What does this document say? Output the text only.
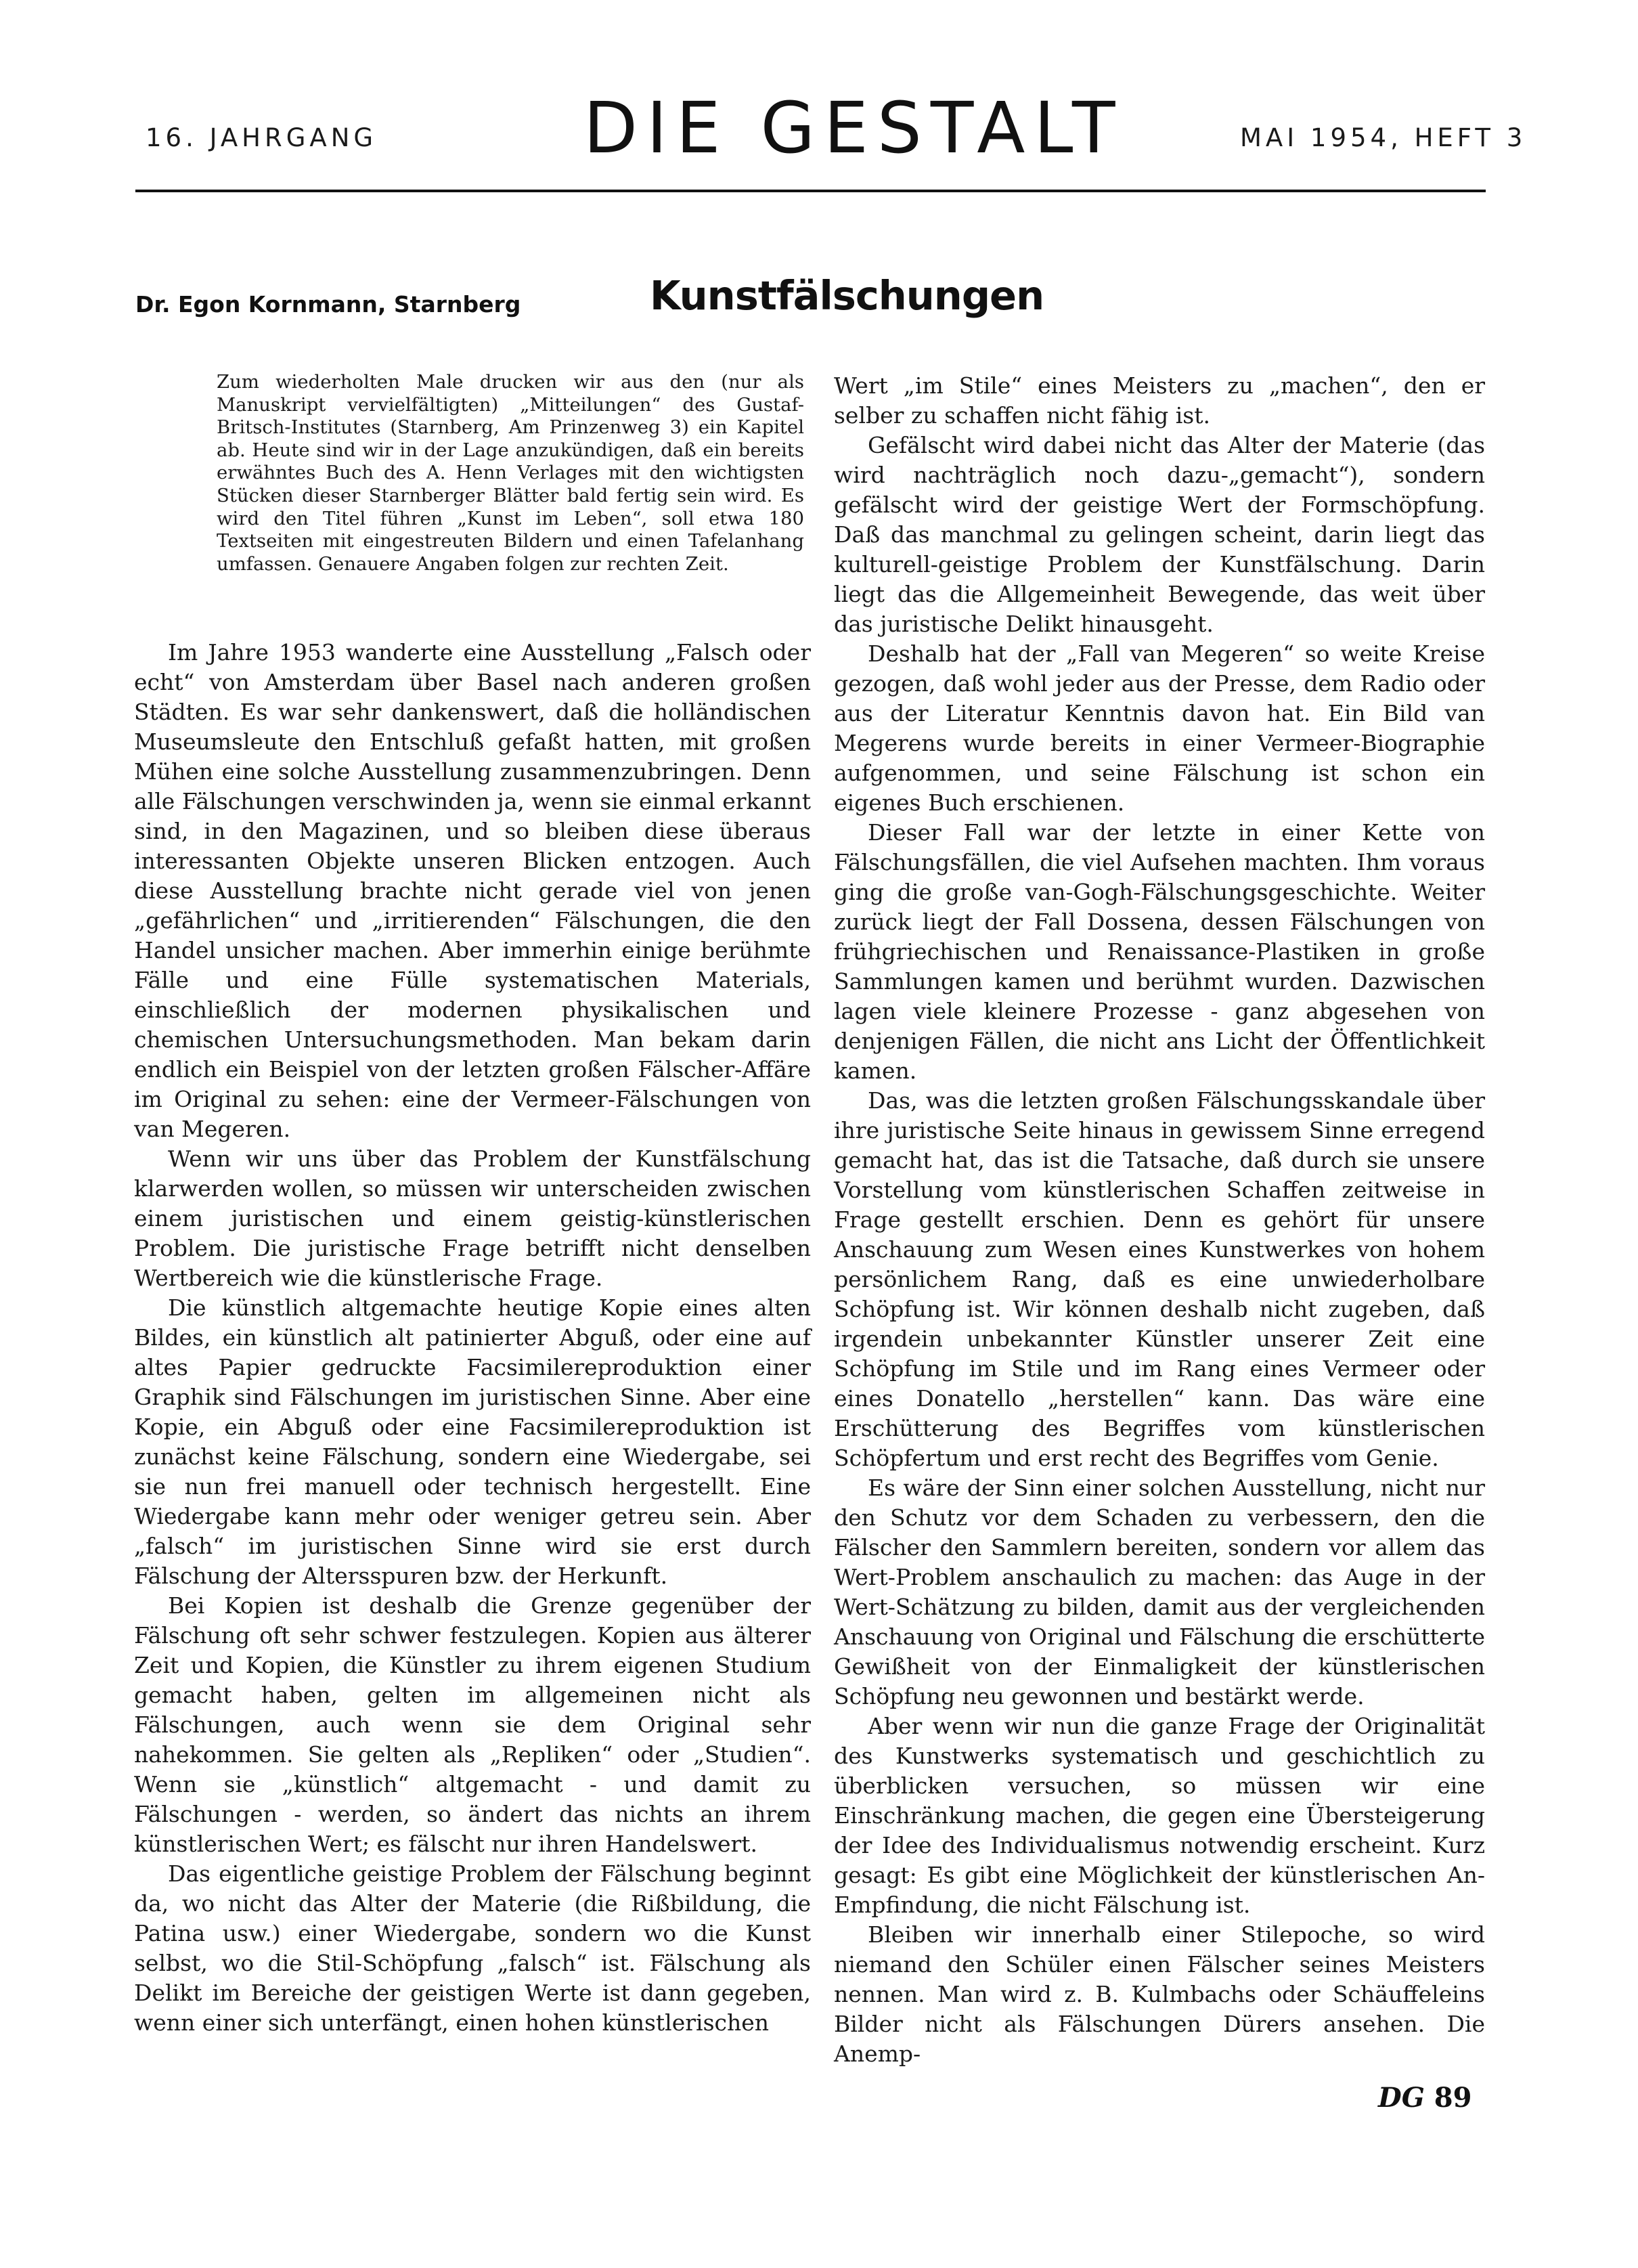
16. JAHRGANG	DIE GESTALT	MAI 1954, HEFT 3
Dr. Egon Kornmann, Starnberg	Kunstfälschungen

Zum wiederholten Male drucken wir aus den (nur als Manuskript vervielfältigten) „Mitteilungen“ des Gustaf-Britsch-Institutes (Starnberg, Am Prinzenweg 3) ein Kapitel ab. Heute sind wir in der Lage anzukündigen, daß ein bereits erwähntes Buch des A. Henn Verlages mit den wichtigsten Stücken dieser Starnberger Blätter bald fertig sein wird. Es wird den Titel führen „Kunst im Leben“, soll etwa 180 Textseiten mit eingestreuten Bildern und einen Tafelanhang umfassen. Genauere Angaben folgen zur rechten Zeit.

Im Jahre 1953 wanderte eine Ausstellung „Falsch oder echt“ von Amsterdam über Basel nach anderen großen Städten. Es war sehr dankenswert, daß die holländischen Museumsleute den Entschluß gefaßt hatten, mit großen Mühen eine solche Ausstellung zusammenzubringen. Denn alle Fälschungen verschwinden ja, wenn sie einmal erkannt sind, in den Magazinen, und so bleiben diese überaus interessanten Objekte unseren Blicken entzogen. Auch diese Ausstellung brachte nicht gerade viel von jenen „gefährlichen“ und „irritierenden“ Fälschungen, die den Handel unsicher machen. Aber immerhin einige berühmte Fälle und eine Fülle systematischen Materials, einschließlich der modernen physikalischen und chemischen Untersuchungsmethoden. Man bekam darin endlich ein Beispiel von der letzten großen Fälscher-Affäre im Original zu sehen: eine der Vermeer-Fälschungen von van Megeren.

Wenn wir uns über das Problem der Kunstfälschung klarwerden wollen, so müssen wir unterscheiden zwischen einem juristischen und einem geistig-künstlerischen Problem. Die juristische Frage betrifft nicht denselben Wertbereich wie die künstlerische Frage.

Die künstlich altgemachte heutige Kopie eines alten Bildes, ein künstlich alt patinierter Abguß, oder eine auf altes Papier gedruckte Facsimilereproduktion einer Graphik sind Fälschungen im juristischen Sinne. Aber eine Kopie, ein Abguß oder eine Facsimilereproduktion ist zunächst keine Fälschung, sondern eine Wiedergabe, sei sie nun frei manuell oder technisch hergestellt. Eine Wiedergabe kann mehr oder weniger getreu sein. Aber „falsch“ im juristischen Sinne wird sie erst durch Fälschung der Altersspuren bzw. der Herkunft.

Bei Kopien ist deshalb die Grenze gegenüber der Fälschung oft sehr schwer festzulegen. Kopien aus älterer Zeit und Kopien, die Künstler zu ihrem eigenen Studium gemacht haben, gelten im allgemeinen nicht als Fälschungen, auch wenn sie dem Original sehr nahekommen. Sie gelten als „Repliken“ oder „Studien“. Wenn sie „künstlich“ altgemacht - und damit zu Fälschungen - werden, so ändert das nichts an ihrem künstlerischen Wert; es fälscht nur ihren Handelswert.

Das eigentliche geistige Problem der Fälschung beginnt da, wo nicht das Alter der Materie (die Rißbildung, die Patina usw.) einer Wiedergabe, sondern wo die Kunst selbst, wo die Stil-Schöpfung „falsch“ ist. Fälschung als Delikt im Bereiche der geistigen Werte ist dann gegeben, wenn einer sich unterfängt, einen hohen künstlerischen

Wert „im Stile“ eines Meisters zu „machen“, den er selber zu schaffen nicht fähig ist.

Gefälscht wird dabei nicht das Alter der Materie (das wird nachträglich noch dazu-„gemacht“), sondern gefälscht wird der geistige Wert der Formschöpfung. Daß das manchmal zu gelingen scheint, darin liegt das kulturell-geistige Problem der Kunstfälschung. Darin liegt das die Allgemeinheit Bewegende, das weit über das juristische Delikt hinausgeht.

Deshalb hat der „Fall van Megeren“ so weite Kreise gezogen, daß wohl jeder aus der Presse, dem Radio oder aus der Literatur Kenntnis davon hat. Ein Bild van Megerens wurde bereits in einer Vermeer-Biographie aufgenommen, und seine Fälschung ist schon ein eigenes Buch erschienen.

Dieser Fall war der letzte in einer Kette von Fälschungsfällen, die viel Aufsehen machten. Ihm voraus ging die große van-Gogh-Fälschungsgeschichte. Weiter zurück liegt der Fall Dossena, dessen Fälschungen von frühgriechischen und Renaissance-Plastiken in große Sammlungen kamen und berühmt wurden. Dazwischen lagen viele kleinere Prozesse - ganz abgesehen von denjenigen Fällen, die nicht ans Licht der Öffentlichkeit kamen.

Das, was die letzten großen Fälschungsskandale über ihre juristische Seite hinaus in gewissem Sinne erregend gemacht hat, das ist die Tatsache, daß durch sie unsere Vorstellung vom künstlerischen Schaffen zeitweise in Frage gestellt erschien. Denn es gehört für unsere Anschauung zum Wesen eines Kunstwerkes von hohem persönlichem Rang, daß es eine unwiederholbare Schöpfung ist. Wir können deshalb nicht zugeben, daß irgendein unbekannter Künstler unserer Zeit eine Schöpfung im Stile und im Rang eines Vermeer oder eines Donatello „herstellen“ kann. Das wäre eine Erschütterung des Begriffes vom künstlerischen Schöpfertum und erst recht des Begriffes vom Genie.

Es wäre der Sinn einer solchen Ausstellung, nicht nur den Schutz vor dem Schaden zu verbessern, den die Fälscher den Sammlern bereiten, sondern vor allem das Wert-Problem anschaulich zu machen: das Auge in der Wert-Schätzung zu bilden, damit aus der vergleichenden Anschauung von Original und Fälschung die erschütterte Gewißheit von der Einmaligkeit der künstlerischen Schöpfung neu gewonnen und bestärkt werde.

Aber wenn wir nun die ganze Frage der Originalität des Kunstwerks systematisch und geschichtlich zu überblicken versuchen, so müssen wir eine Einschränkung machen, die gegen eine Übersteigerung der Idee des Individualismus notwendig erscheint. Kurz gesagt: Es gibt eine Möglichkeit der künstlerischen An-Empfindung, die nicht Fälschung ist.

Bleiben wir innerhalb einer Stilepoche, so wird niemand den Schüler einen Fälscher seines Meisters nennen. Man wird z. B. Kulmbachs oder Schäuffeleins Bilder nicht als Fälschungen Dürers ansehen. Die Anemp-

DG 89
